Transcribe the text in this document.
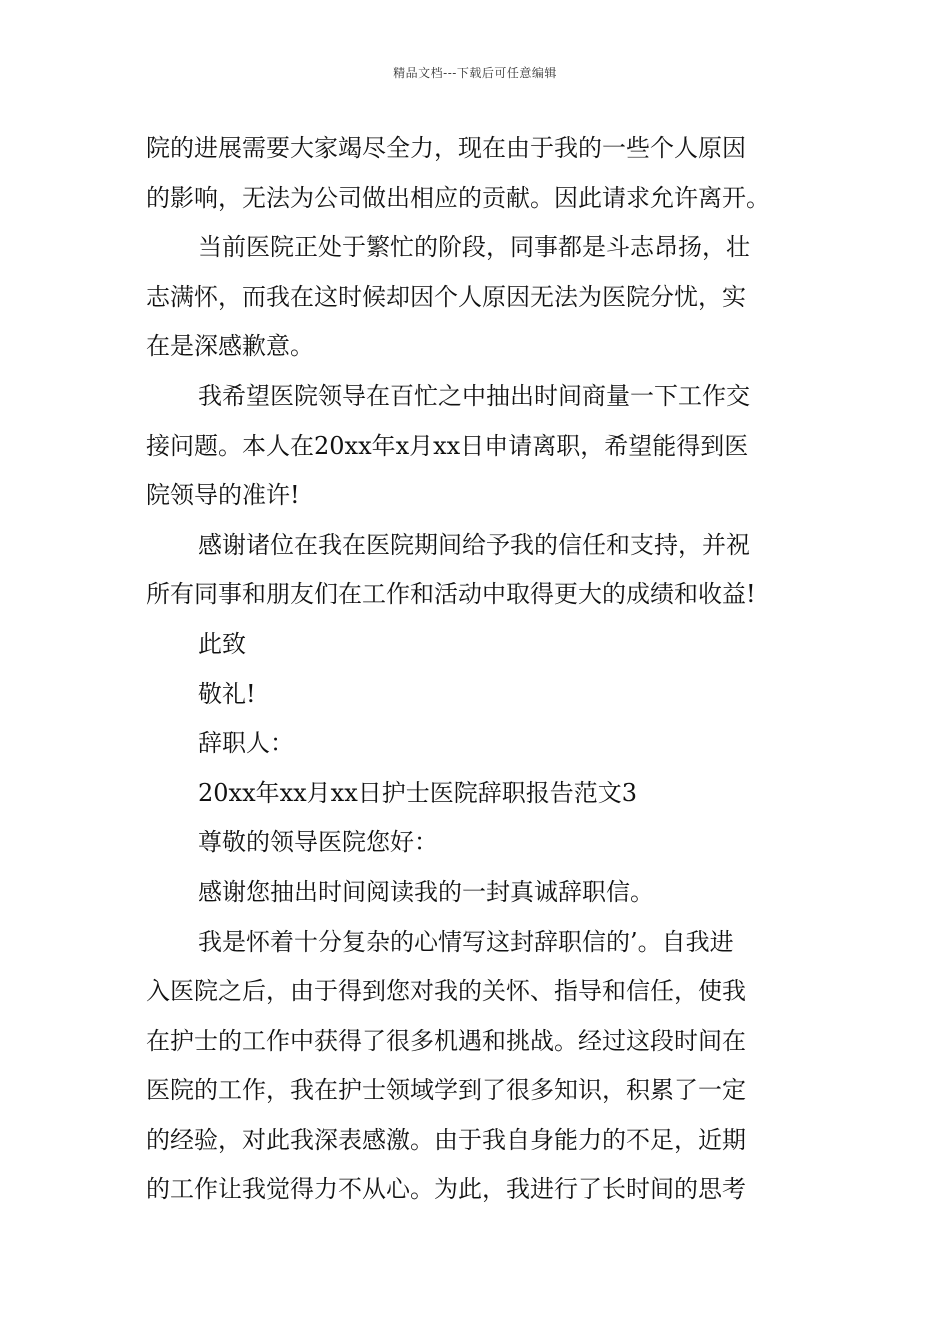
精品文档---下载后可任意编辑
院的进展需要大家竭尽全力，现在由于我的一些个人原因
的影响，无法为公司做出相应的贡献。因此请求允许离开。
当前医院正处于繁忙的阶段，同事都是斗志昂扬，壮
志满怀，而我在这时候却因个人原因无法为医院分忧，实
在是深感歉意。
我希望医院领导在百忙之中抽出时间商量一下工作交
接问题。本人在20xx年x月xx日申请离职，希望能得到医
院领导的准许!
感谢诸位在我在医院期间给予我的信任和支持，并祝
所有同事和朋友们在工作和活动中取得更大的成绩和收益!
此致
敬礼!
辞职人：
20xx年xx月xx日护士医院辞职报告范文3
尊敬的领导医院您好：
感谢您抽出时间阅读我的一封真诚辞职信。
我是怀着十分复杂的心情写这封辞职信的’。自我进
入医院之后，由于得到您对我的关怀、指导和信任，使我
在护士的工作中获得了很多机遇和挑战。经过这段时间在
医院的工作，我在护士领域学到了很多知识，积累了一定
的经验，对此我深表感激。由于我自身能力的不足，近期
的工作让我觉得力不从心。为此，我进行了长时间的思考
